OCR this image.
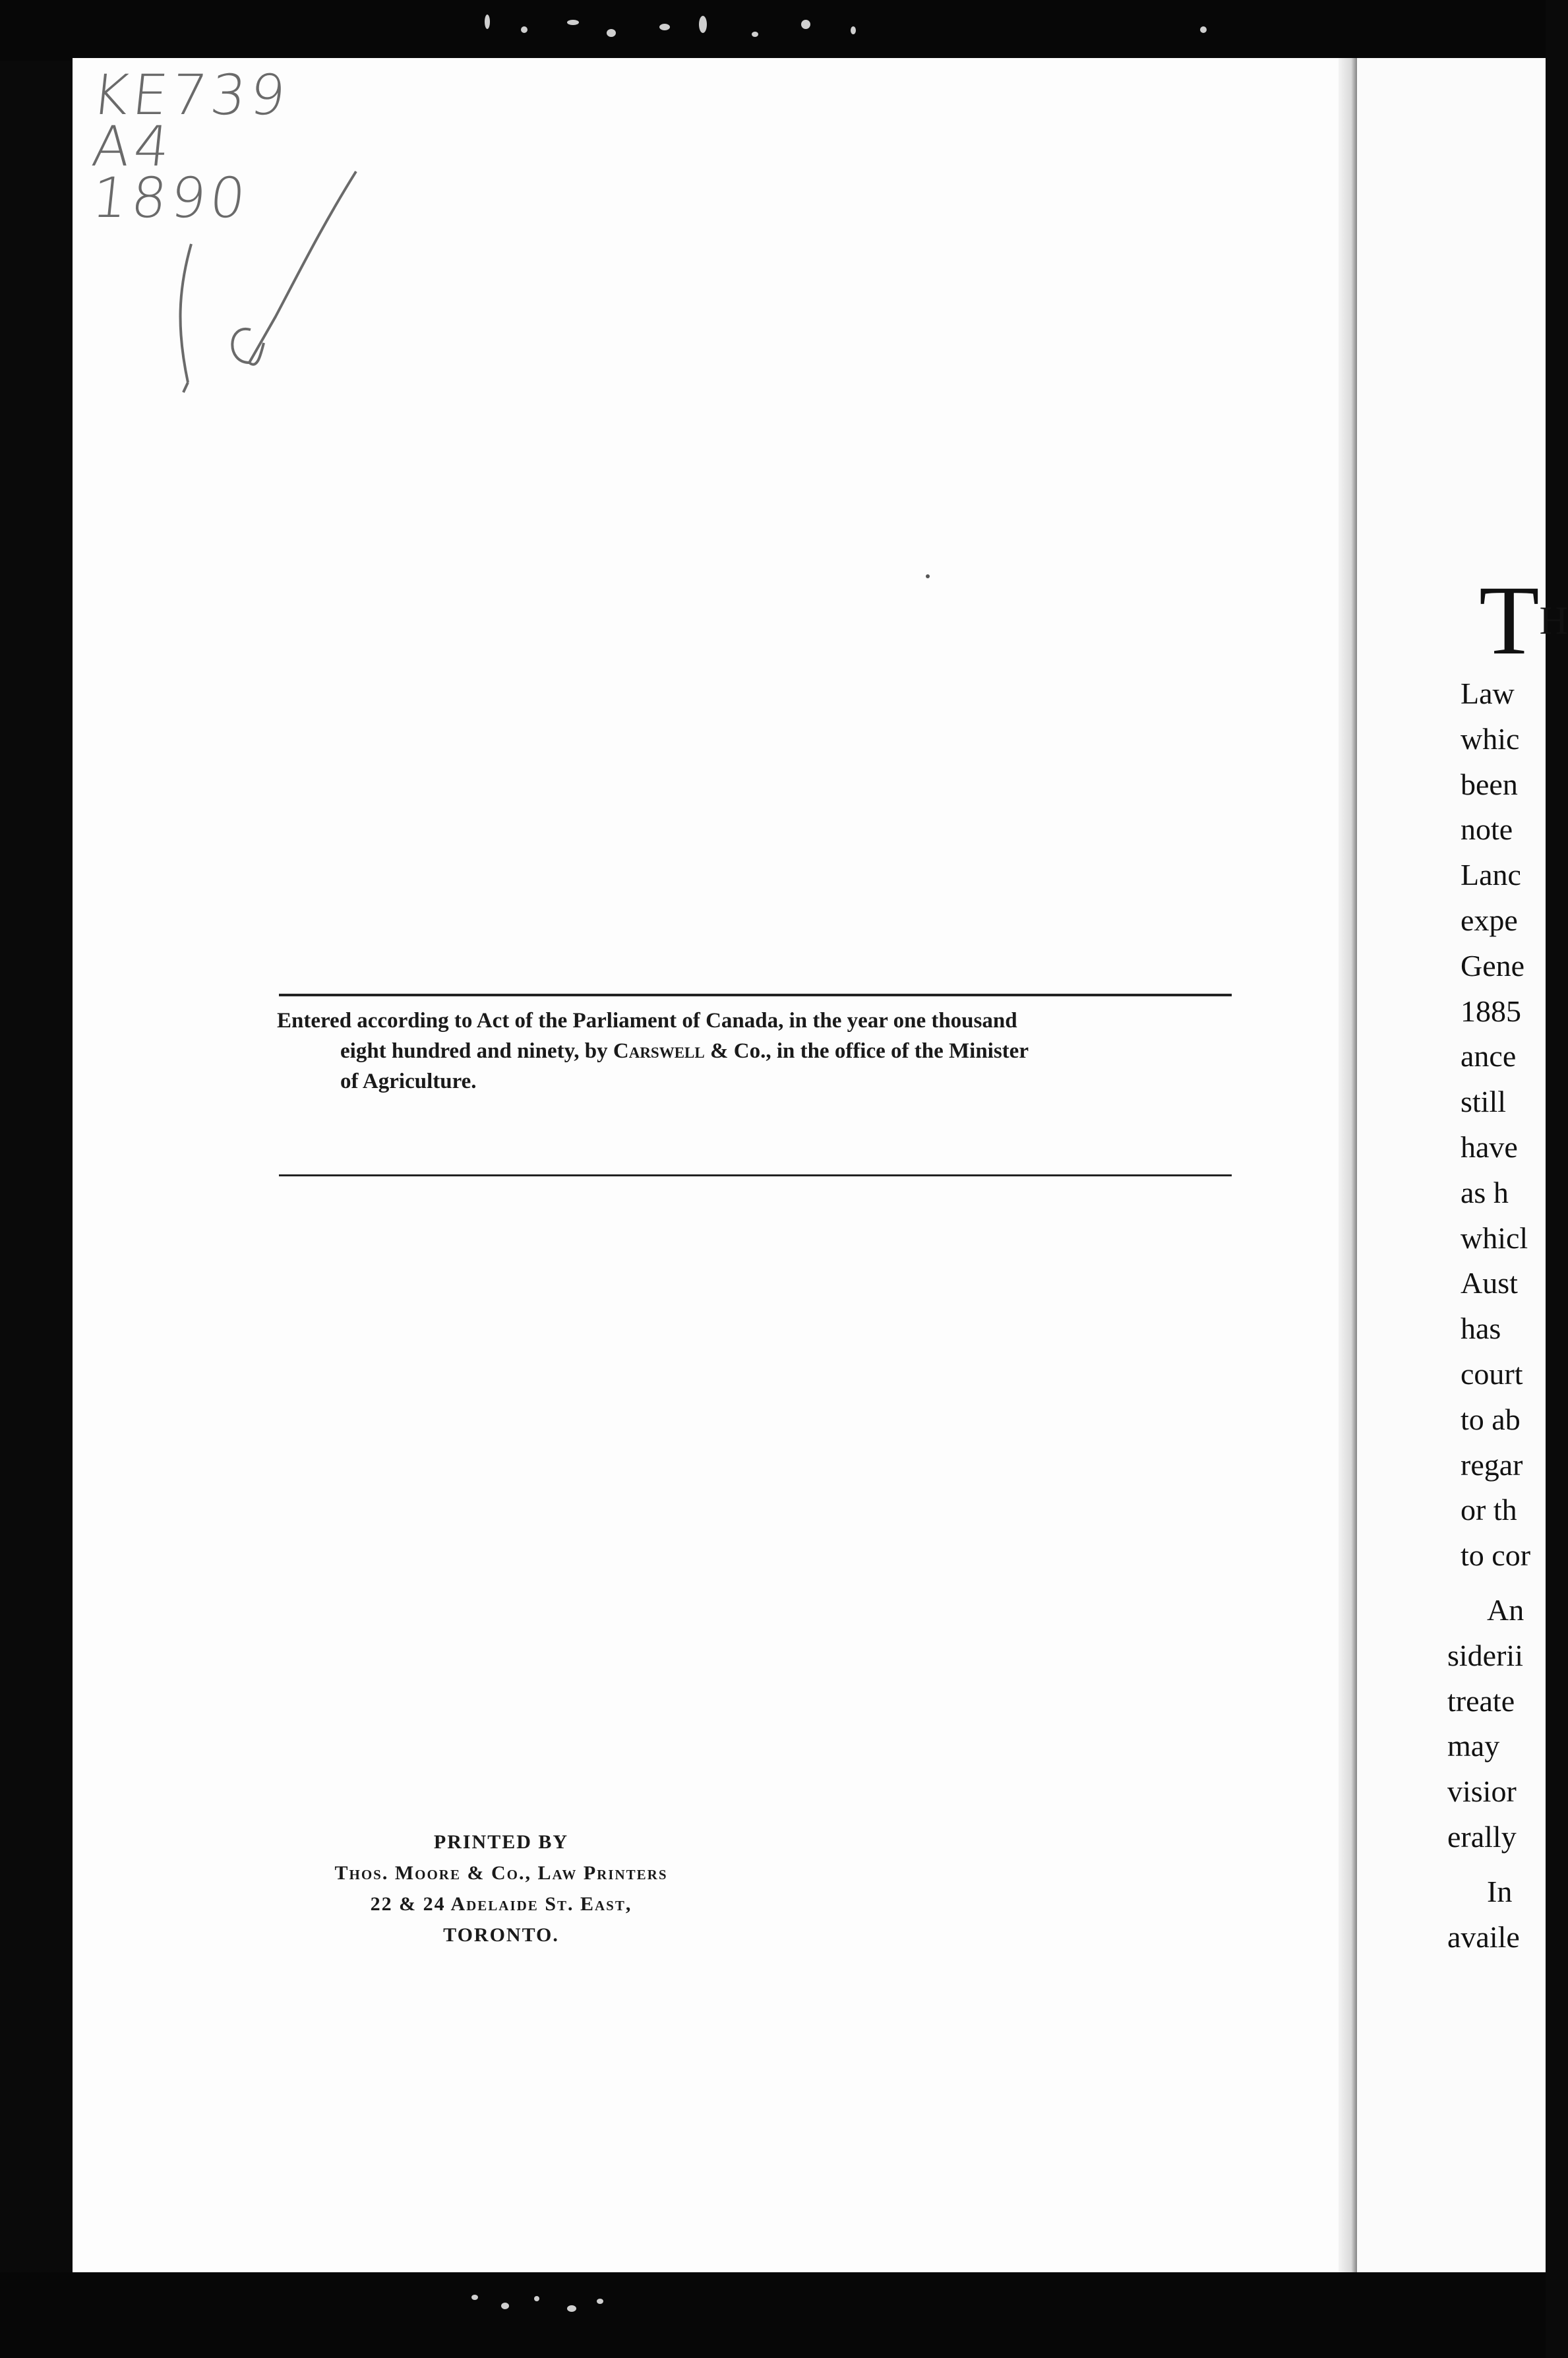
KE739
A4
1890
Entered according to Act of the Parliament of Canada, in the year one thousand
eight hundred and ninety, by Carswell & Co., in the office of the Minister
of Agriculture.
PRINTED BY
Thos. Moore & Co., Law Printers
22 & 24 Adelaide St. East,
TORONTO.
$T^H$
Law
whic
been
note
Lanc
expe
Gene
1885
ance
still
have
as h
whicl
Aust
has
court
to ab
regar
or th
to cor
An
siderii
treate
may
visior
erally
In
availe
